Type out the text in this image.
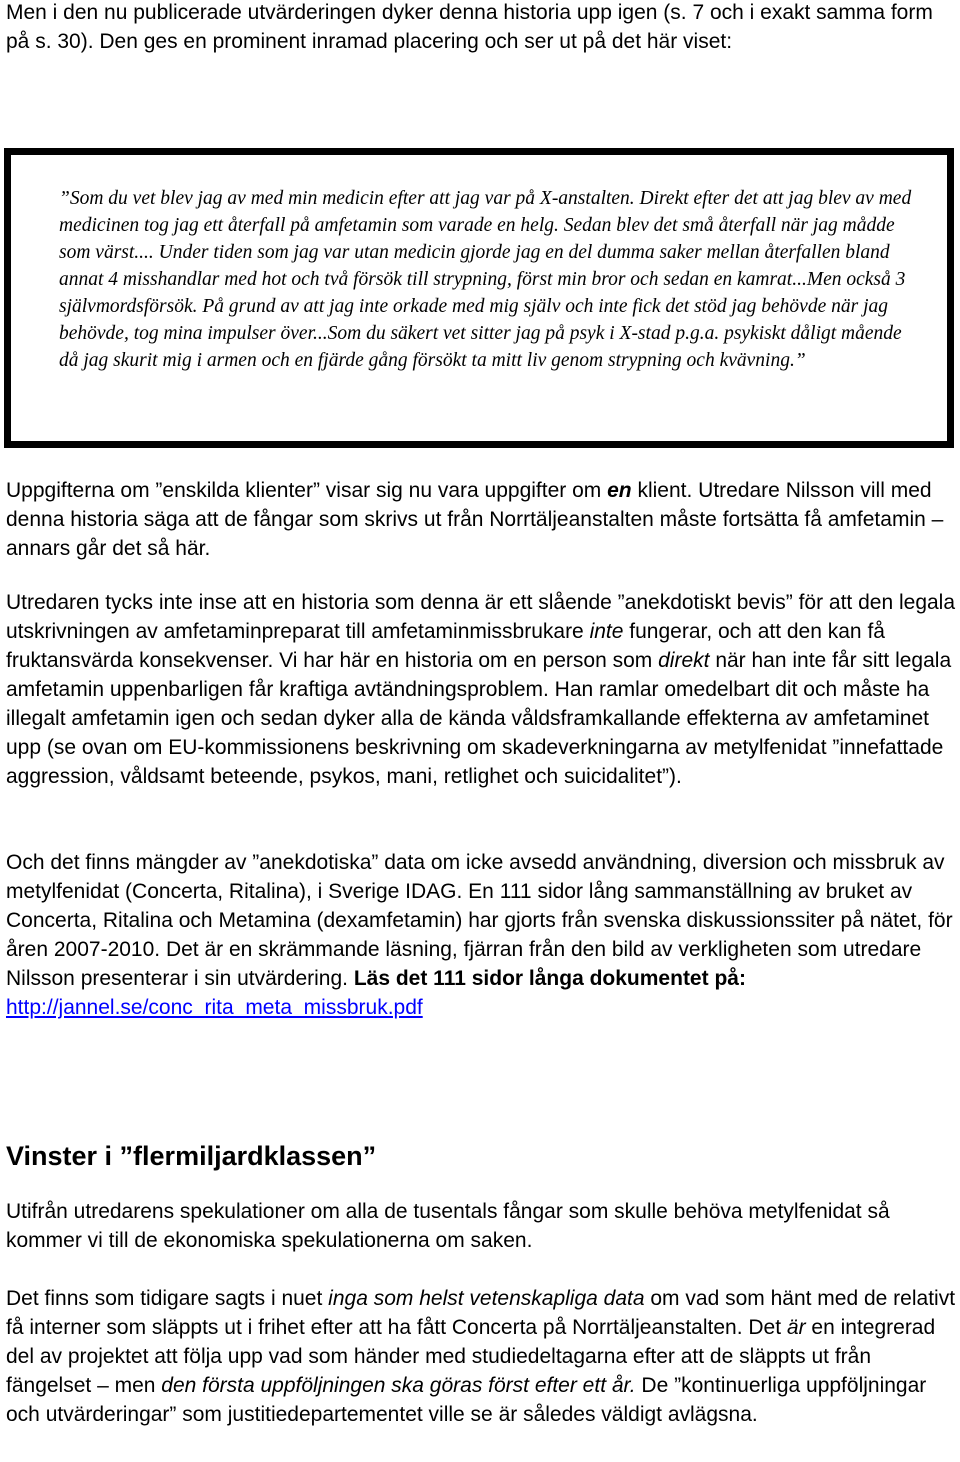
Men i den nu publicerade utvärderingen dyker denna historia upp igen (s. 7 och i exakt samma form på s. 30). Den ges en prominent inramad placering och ser ut på det här viset:

”Som du vet blev jag av med min medicin efter att jag var på X-anstalten. Direkt efter det att jag blev av med medicinen tog jag ett återfall på amfetamin som varade en helg. Sedan blev det små återfall när jag mådde som värst.... Under tiden som jag var utan medicin gjorde jag en del dumma saker mellan återfallen bland annat 4 misshandlar med hot och två försök till strypning, först min bror och sedan en kamrat...Men också 3 självmordsförsök. På grund av att jag inte orkade med mig själv och inte fick det stöd jag behövde när jag behövde, tog mina impulser över...Som du säkert vet sitter jag på psyk i X-stad p.g.a. psykiskt dåligt mående då jag skurit mig i armen och en fjärde gång försökt ta mitt liv genom strypning och kvävning.”

Uppgifterna om ”enskilda klienter” visar sig nu vara uppgifter om en klient. Utredare Nilsson vill med denna historia säga att de fångar som skrivs ut från Norrtäljeanstalten måste fortsätta få amfetamin – annars går det så här.

Utredaren tycks inte inse att en historia som denna är ett slående ”anekdotiskt bevis” för att den legala utskrivningen av amfetaminpreparat till amfetaminmissbrukare inte fungerar, och att den kan få fruktansvärda konsekvenser. Vi har här en historia om en person som direkt när han inte får sitt legala amfetamin uppenbarligen får kraftiga avtändningsproblem. Han ramlar omedelbart dit och måste ha illegalt amfetamin igen och sedan dyker alla de kända våldsframkallande effekterna av amfetaminet upp (se ovan om EU-kommissionens beskrivning om skadeverkningarna av metylfenidat ”innefattade aggression, våldsamt beteende, psykos, mani, retlighet och suicidalitet”).

Och det finns mängder av ”anekdotiska” data om icke avsedd användning, diversion och missbruk av metylfenidat (Concerta, Ritalina), i Sverige IDAG. En 111 sidor lång sammanställning av bruket av Concerta, Ritalina och Metamina (dexamfetamin) har gjorts från svenska diskussionssiter på nätet, för åren 2007-2010. Det är en skrämmande läsning, fjärran från den bild av verkligheten som utredare Nilsson presenterar i sin utvärdering. Läs det 111 sidor långa dokumentet på:
http://jannel.se/conc_rita_meta_missbruk.pdf

Vinster i ”flermiljardklassen”

Utifrån utredarens spekulationer om alla de tusentals fångar som skulle behöva metylfenidat så kommer vi till de ekonomiska spekulationerna om saken.

Det finns som tidigare sagts i nuet inga som helst vetenskapliga data om vad som hänt med de relativt få interner som släppts ut i frihet efter att ha fått Concerta på Norrtäljeanstalten. Det är en integrerad del av projektet att följa upp vad som händer med studiedeltagarna efter att de släppts ut från fängelset – men den första uppföljningen ska göras först efter ett år. De ”kontinuerliga uppföljningar och utvärderingar” som justitiedepartementet ville se är således väldigt avlägsna.
